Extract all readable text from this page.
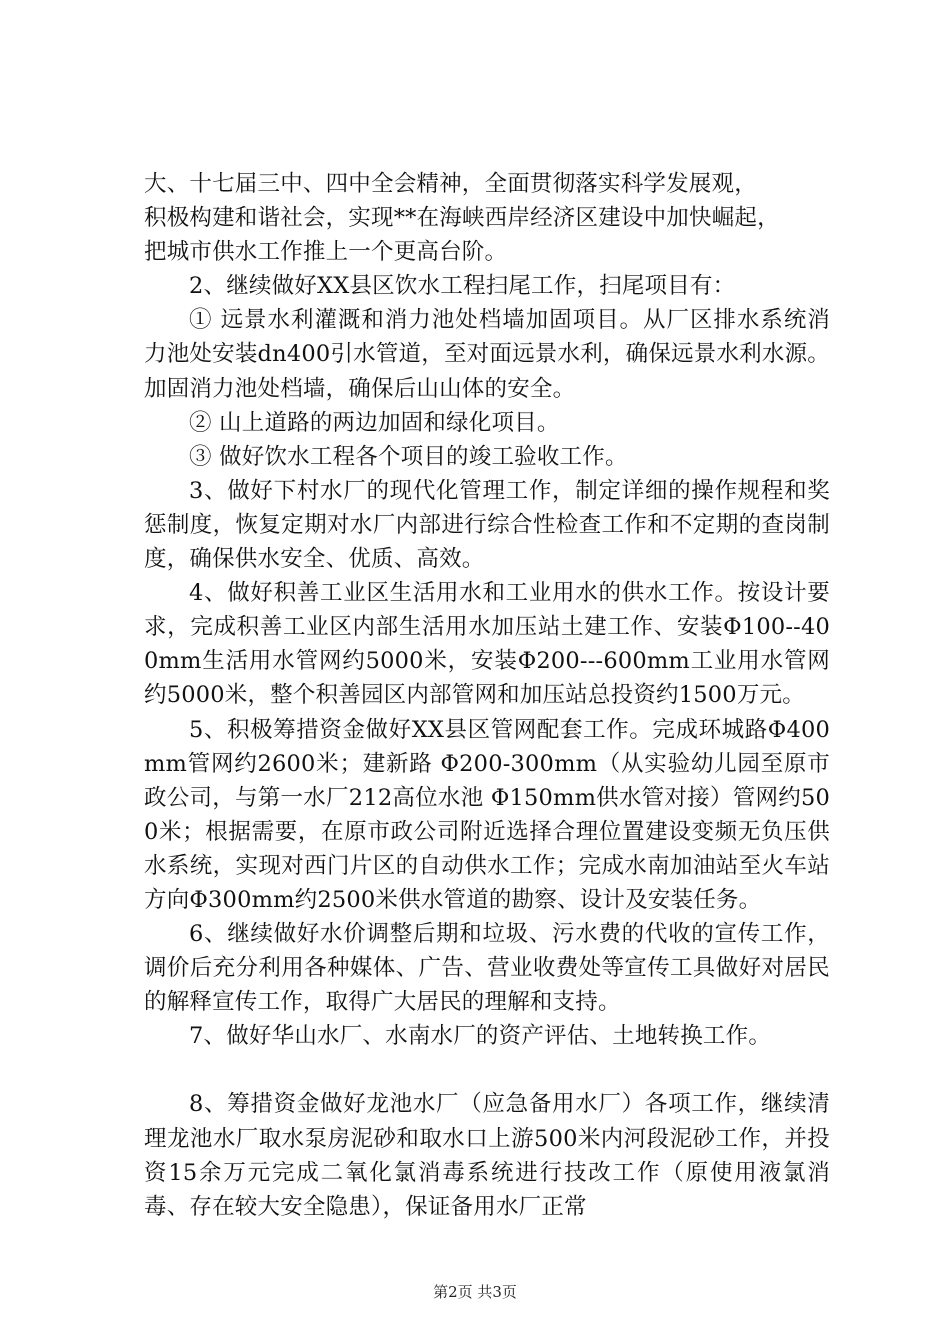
大、十七届三中、四中全会精神，全面贯彻落实科学发展观，
积极构建和谐社会，实现**在海峡西岸经济区建设中加快崛起，
把城市供水工作推上一个更高台阶。

2、继续做好XX县区饮水工程扫尾工作，扫尾项目有：

① 远景水利灌溉和消力池处档墙加固项目。从厂区排水系统消力池处安装dn400引水管道，至对面远景水利，确保远景水利水源。加固消力池处档墙，确保后山山体的安全。

② 山上道路的两边加固和绿化项目。

③ 做好饮水工程各个项目的竣工验收工作。

3、做好下村水厂的现代化管理工作，制定详细的操作规程和奖惩制度，恢复定期对水厂内部进行综合性检查工作和不定期的查岗制度，确保供水安全、优质、高效。

4、做好积善工业区生活用水和工业用水的供水工作。按设计要求，完成积善工业区内部生活用水加压站土建工作、安装Φ100--400mm生活用水管网约5000米，安装Φ200---600mm工业用水管网约5000米，整个积善园区内部管网和加压站总投资约1500万元。

5、积极筹措资金做好XX县区管网配套工作。完成环城路Φ400mm管网约2600米；建新路 Φ200-300mm（从实验幼儿园至原市政公司，与第一水厂212高位水池 Φ150mm供水管对接）管网约500米；根据需要，在原市政公司附近选择合理位置建设变频无负压供水系统，实现对西门片区的自动供水工作；完成水南加油站至火车站方向Φ300mm约2500米供水管道的勘察、设计及安装任务。

6、继续做好水价调整后期和垃圾、污水费的代收的宣传工作，调价后充分利用各种媒体、广告、营业收费处等宣传工具做好对居民的解释宣传工作，取得广大居民的理解和支持。

7、做好华山水厂、水南水厂的资产评估、土地转换工作。

8、筹措资金做好龙池水厂（应急备用水厂）各项工作，继续清理龙池水厂取水泵房泥砂和取水口上游500米内河段泥砂工作，并投资15余万元完成二氧化氯消毒系统进行技改工作（原使用液氯消毒、存在较大安全隐患），保证备用水厂正常

第2页 共3页
